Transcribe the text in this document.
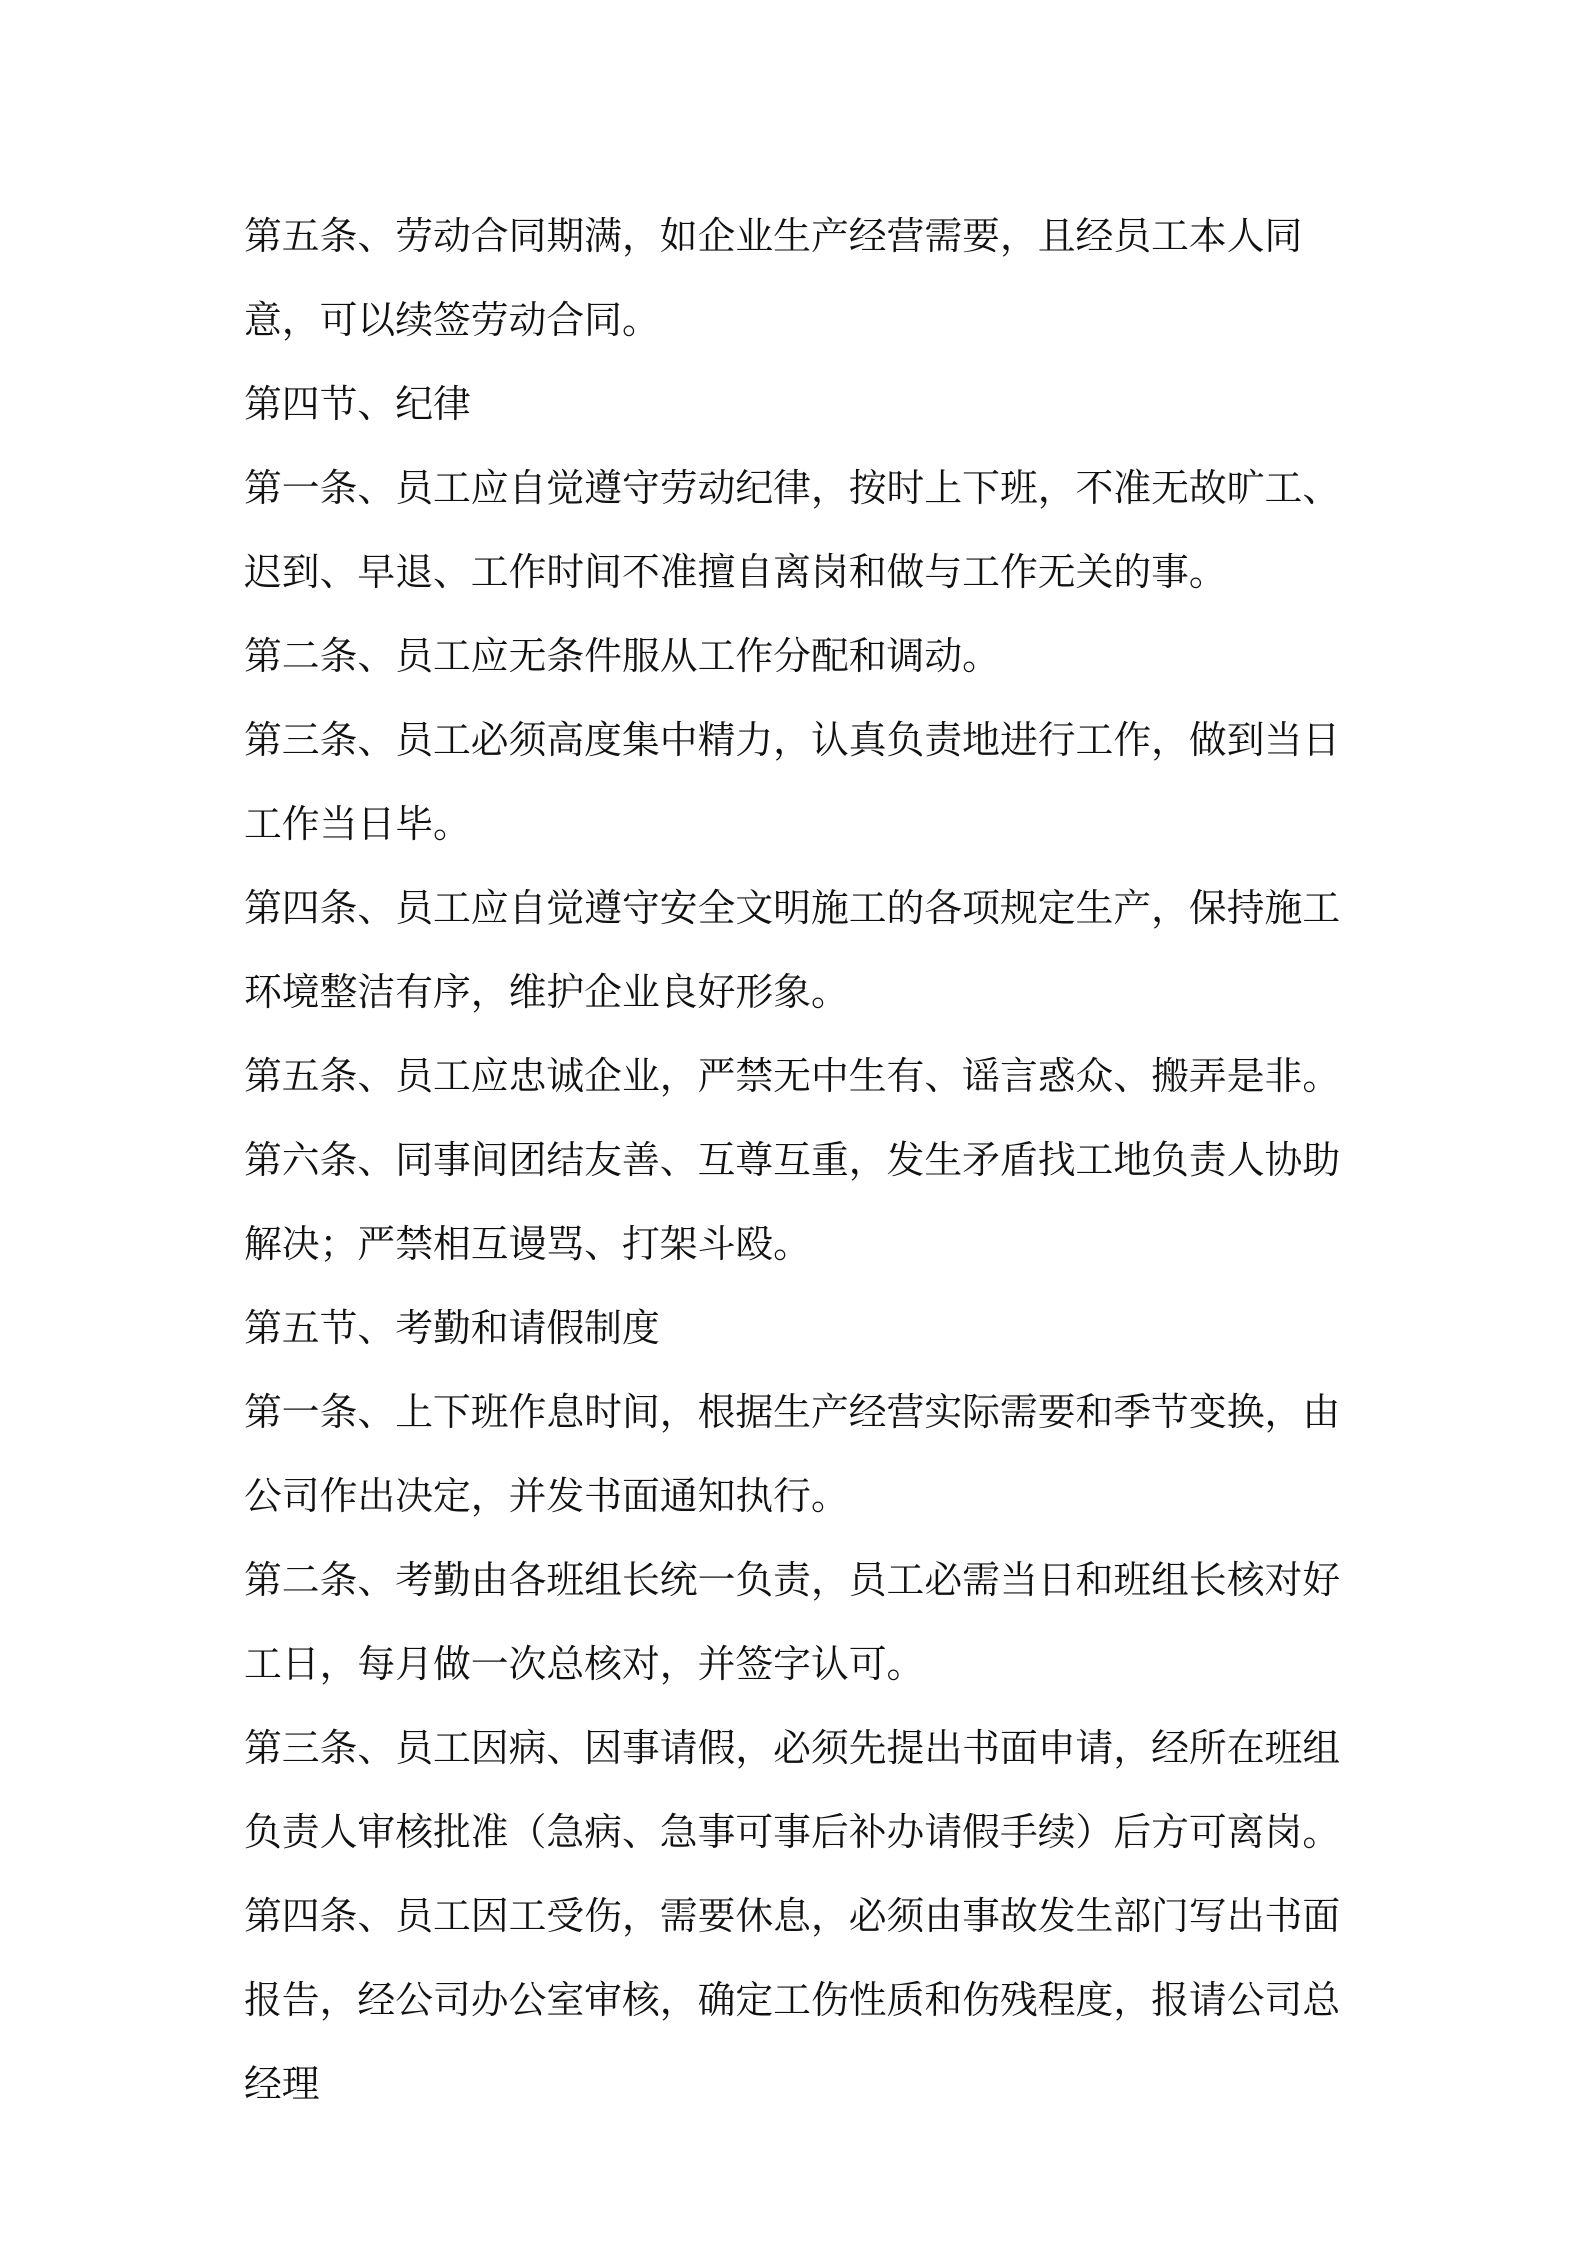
第五条、劳动合同期满，如企业生产经营需要，且经员工本人同意，可以续签劳动合同。

第四节、纪律

第一条、员工应自觉遵守劳动纪律，按时上下班，不准无故旷工、迟到、早退、工作时间不准擅自离岗和做与工作无关的事。

第二条、员工应无条件服从工作分配和调动。

第三条、员工必须高度集中精力，认真负责地进行工作，做到当日工作当日毕。

第四条、员工应自觉遵守安全文明施工的各项规定生产，保持施工环境整洁有序，维护企业良好形象。

第五条、员工应忠诚企业，严禁无中生有、谣言惑众、搬弄是非。

第六条、同事间团结友善、互尊互重，发生矛盾找工地负责人协助解决；严禁相互谩骂、打架斗殴。

第五节、考勤和请假制度

第一条、上下班作息时间，根据生产经营实际需要和季节变换，由公司作出决定，并发书面通知执行。

第二条、考勤由各班组长统一负责，员工必需当日和班组长核对好工日，每月做一次总核对，并签字认可。

第三条、员工因病、因事请假，必须先提出书面申请，经所在班组负责人审核批准（急病、急事可事后补办请假手续）后方可离岗。

第四条、员工因工受伤，需要休息，必须由事故发生部门写出书面报告，经公司办公室审核，确定工伤性质和伤残程度，报请公司总经理
